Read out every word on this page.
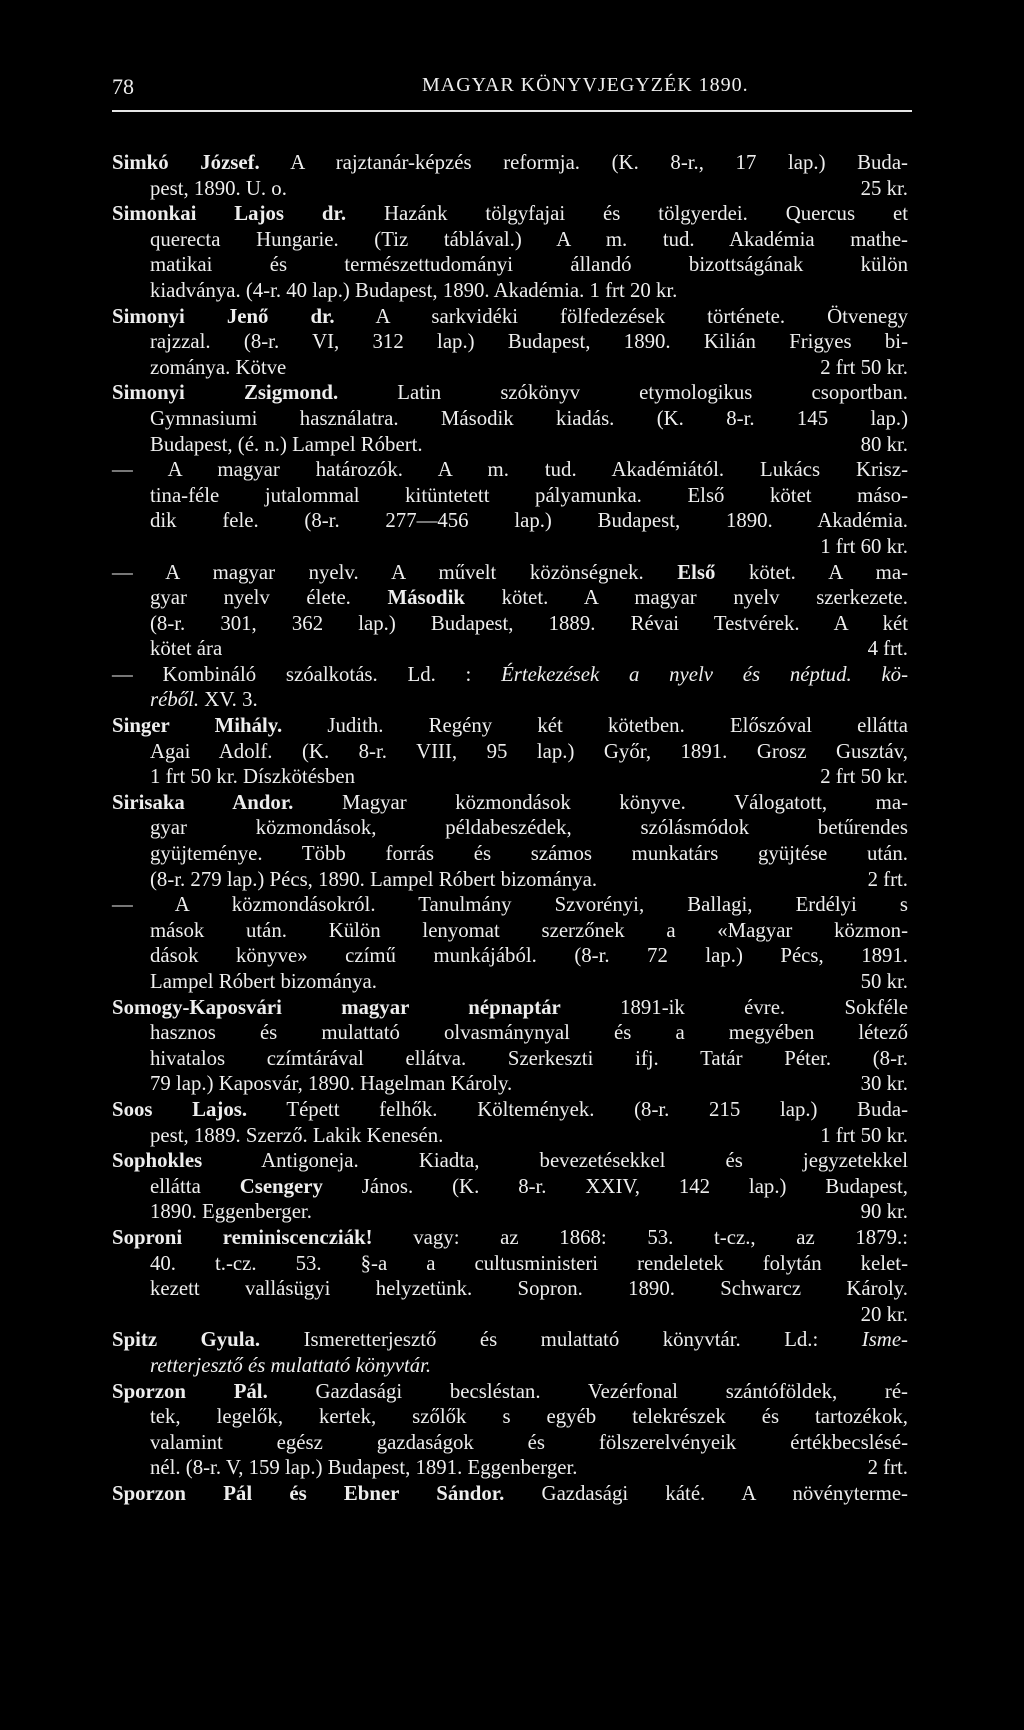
78	MAGYAR KÖNYVJEGYZÉK 1890.
Simkó József. A rajztanár-képzés reformja. (K. 8-r., 17 lap.) Buda-
pest, 1890. U. o.	25 kr.
Simonkai Lajos dr. Hazánk tölgyfajai és tölgyerdei. Quercus et
querecta Hungarie. (Tiz táblával.) A m. tud. Akadémia mathe-
matikai és természettudományi állandó bizottságának külön
kiadványa. (4-r. 40 lap.) Budapest, 1890. Akadémia. 1 frt 20 kr.
Simonyi Jenő dr. A sarkvidéki fölfedezések története. Ötvenegy
rajzzal. (8-r. VI, 312 lap.) Budapest, 1890. Kilián Frigyes bi-
zománya. Kötve	2 frt 50 kr.
Simonyi Zsigmond. Latin szókönyv etymologikus csoportban.
Gymnasiumi használatra. Második kiadás. (K. 8-r. 145 lap.)
Budapest, (é. n.) Lampel Róbert.	80 kr.
— A magyar határozók. A m. tud. Akadémiától. Lukács Krisz-
tina-féle jutalommal kitüntetett pályamunka. Első kötet máso-
dik fele. (8-r. 277—456 lap.) Budapest, 1890. Akadémia.
1 frt 60 kr.
— A magyar nyelv. A művelt közönségnek. Első kötet. A ma-
gyar nyelv élete. Második kötet. A magyar nyelv szerkezete.
(8-r. 301, 362 lap.) Budapest, 1889. Révai Testvérek. A két
kötet ára	4 frt.
— Kombináló szóalkotás. Ld. : Értekezések a nyelv és néptud. kö-
réből. XV. 3.
Singer Mihály. Judith. Regény két kötetben. Előszóval ellátta
Agai Adolf. (K. 8-r. VIII, 95 lap.) Győr, 1891. Grosz Gusztáv,
1 frt 50 kr. Díszkötésben	2 frt 50 kr.
Sirisaka Andor. Magyar közmondások könyve. Válogatott, ma-
gyar közmondások, példabeszédek, szólásmódok betűrendes
gyüjteménye. Több forrás és számos munkatárs gyüjtése után.
(8-r. 279 lap.) Pécs, 1890. Lampel Róbert bizománya.	2 frt.
— A közmondásokról. Tanulmány Szvorényi, Ballagi, Erdélyi s
mások után. Külön lenyomat szerzőnek a «Magyar közmon-
dások könyve» czímű munkájából. (8-r. 72 lap.) Pécs, 1891.
Lampel Róbert bizománya.	50 kr.
Somogy-Kaposvári magyar népnaptár 1891-ik évre. Sokféle
hasznos és mulattató olvasmánynyal és a megyében létező
hivatalos czímtárával ellátva. Szerkeszti ifj. Tatár Péter. (8-r.
79 lap.) Kaposvár, 1890. Hagelman Károly.	30 kr.
Soos Lajos. Tépett felhők. Költemények. (8-r. 215 lap.) Buda-
pest, 1889. Szerző. Lakik Kenesén.	1 frt 50 kr.
Sophokles Antigoneja. Kiadta, bevezetésekkel és jegyzetekkel
ellátta Csengery János. (K. 8-r. XXIV, 142 lap.) Budapest,
1890. Eggenberger.	90 kr.
Soproni reminiscencziák! vagy: az 1868: 53. t-cz., az 1879.:
40. t.-cz. 53. §-a a cultusministeri rendeletek folytán kelet-
kezett vallásügyi helyzetünk. Sopron. 1890. Schwarcz Károly.
20 kr.
Spitz Gyula. Ismeretterjesztő és mulattató könyvtár. Ld.: Isme-
retterjesztő és mulattató könyvtár.
Sporzon Pál. Gazdasági becsléstan. Vezérfonal szántóföldek, ré-
tek, legelők, kertek, szőlők s egyéb telekrészek és tartozékok,
valamint egész gazdaságok és fölszerelvényeik értékbecslésé-
nél. (8-r. V, 159 lap.) Budapest, 1891. Eggenberger.	2 frt.
Sporzon Pál és Ebner Sándor. Gazdasági káté. A növényterme-
